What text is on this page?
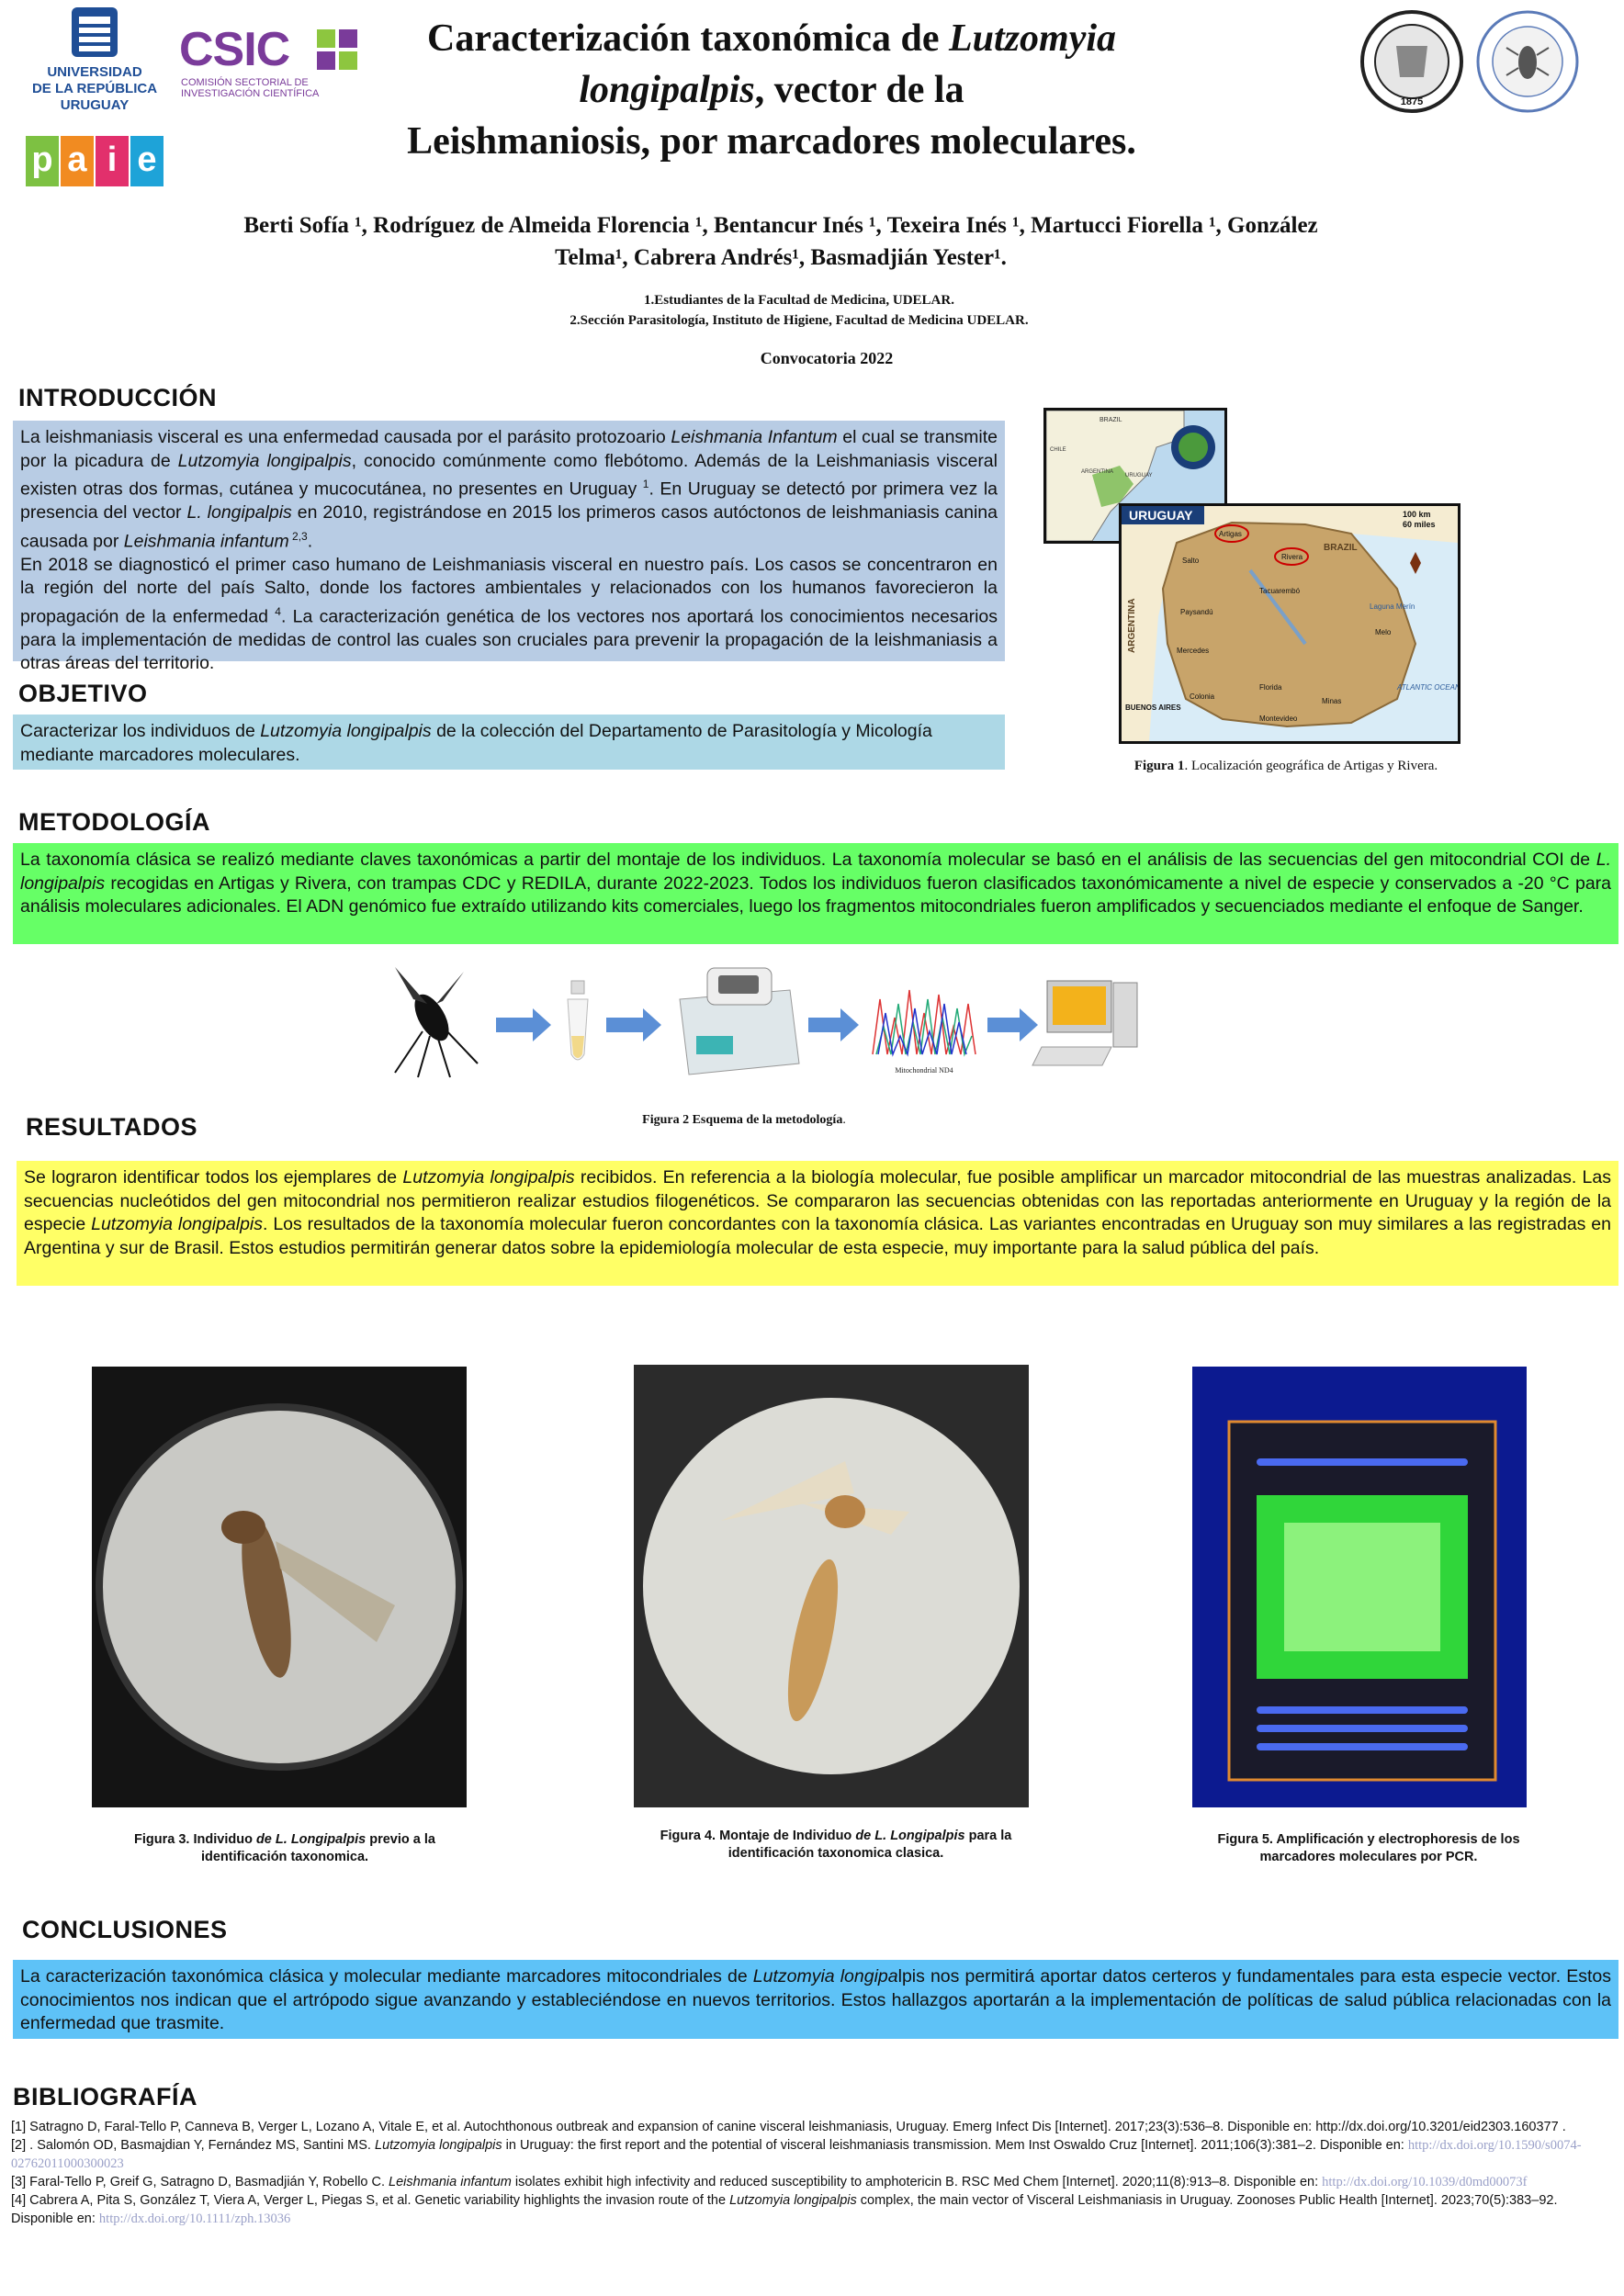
UNIVERSIDAD
DE LA REPÚBLICA
URUGUAY
p a i e
CSIC
COMISIÓN SECTORIAL DE
INVESTIGACIÓN CIENTÍFICA
1875
Caracterización taxonómica de Lutzomyia
longipalpis, vector de la
Leishmaniosis, por marcadores moleculares.
Berti Sofía ¹, Rodríguez de Almeida Florencia ¹, Bentancur Inés ¹, Texeira Inés ¹, Martucci Fiorella ¹, González
Telma¹, Cabrera Andrés¹, Basmadjián Yester¹.
1.Estudiantes de la Facultad de Medicina, UDELAR.
2.Sección Parasitología, Instituto de Higiene, Facultad de Medicina UDELAR.
Convocatoria 2022
INTRODUCCIÓN
La leishmaniasis visceral es una enfermedad causada por el parásito protozoario Leishmania Infantum el cual se transmite por la picadura de Lutzomyia longipalpis, conocido comúnmente como flebótomo. Además de la Leishmaniasis visceral existen otras dos formas, cutánea y mucocutánea, no presentes en Uruguay $^1$. En Uruguay se detectó por primera vez la presencia del vector L. longipalpis en 2010, registrándose en 2015 los primeros casos autóctonos de leishmaniasis canina causada por Leishmania infantum $^{2,3}$.
En 2018 se diagnosticó el primer caso humano de Leishmaniasis visceral en nuestro país. Los casos se concentraron en la región del norte del país Salto, donde los factores ambientales y relacionados con los humanos favorecieron la propagación de la enfermedad $^4$. La caracterización genética de los vectores nos aportará los conocimientos necesarios para la implementación de medidas de control las cuales son cruciales para prevenir la propagación de la leishmaniasis a otras áreas del territorio.
OBJETIVO
Caracterizar los individuos de Lutzomyia longipalpis de la colección del Departamento de Parasitología y Micología mediante marcadores moleculares.
BRAZIL
ARGENTINA
CHILE
URUGUAY
URUGUAY	100 km
60 miles
Artigas
Rivera
BRAZIL
ARGENTINA
Salto
Tacuarembó
Paysandú
Mercedes
Colonia
Montevideo
BUENOS AIRES
Florida
Minas
Melo
ATLANTIC OCEAN
Laguna Merín
Figura 1. Localización geográfica de Artigas y Rivera.
METODOLOGÍA
La taxonomía clásica se realizó mediante claves taxonómicas a partir del montaje de los individuos. La taxonomía molecular se basó en el análisis de las secuencias del gen mitocondrial COI de L. longipalpis recogidas en Artigas y Rivera, con trampas CDC y REDILA, durante 2022-2023. Todos los individuos fueron clasificados taxonómicamente a nivel de especie y conservados a -20 °C para análisis moleculares adicionales. El ADN genómico fue extraído utilizando kits comerciales, luego los fragmentos mitocondriales fueron amplificados y secuenciados mediante el enfoque de Sanger.
Mitochondrial ND4
Figura 2 Esquema de la metodología.
RESULTADOS
Se lograron identificar todos los ejemplares de Lutzomyia longipalpis recibidos. En referencia a la biología molecular, fue posible amplificar un marcador mitocondrial de las muestras analizadas. Las secuencias nucleótidos del gen mitocondrial nos permitieron realizar estudios filogenéticos. Se compararon las secuencias obtenidas con las reportadas anteriormente en Uruguay y la región de la especie Lutzomyia longipalpis. Los resultados de la taxonomía molecular fueron concordantes con la taxonomía clásica. Las variantes encontradas en Uruguay son muy similares a las registradas en Argentina y sur de Brasil. Estos estudios permitirán generar datos sobre la epidemiología molecular de esta especie, muy importante para la salud pública del país.
Figura 3. Individuo de L. Longipalpis previo a la identificación taxonomica.
Figura 4. Montaje de Individuo de L. Longipalpis para la identificación taxonomica clasica.
Figura 5. Amplificación y electrophoresis de los marcadores moleculares por PCR.
CONCLUSIONES
La caracterización taxonómica clásica y molecular mediante marcadores mitocondriales de Lutzomyia longipalpis nos permitirá aportar datos certeros y fundamentales para esta especie vector. Estos conocimientos nos indican que el artrópodo sigue avanzando y estableciéndose en nuevos territorios. Estos hallazgos aportarán a la implementación de políticas de salud pública relacionadas con la enfermedad que trasmite.
BIBLIOGRAFÍA
[1] Satragno D, Faral-Tello P, Canneva B, Verger L, Lozano A, Vitale E, et al. Autochthonous outbreak and expansion of canine visceral leishmaniasis, Uruguay. Emerg Infect Dis [Internet]. 2017;23(3):536–8. Disponible en: http://dx.doi.org/10.3201/eid2303.160377 .
[2] . Salomón OD, Basmajdian Y, Fernández MS, Santini MS. Lutzomyia longipalpis in Uruguay: the first report and the potential of visceral leishmaniasis transmission. Mem Inst Oswaldo Cruz [Internet]. 2011;106(3):381–2. Disponible en: http://dx.doi.org/10.1590/s0074-02762011000300023
[3] Faral-Tello P, Greif G, Satragno D, Basmadjián Y, Robello C. Leishmania infantum isolates exhibit high infectivity and reduced susceptibility to amphotericin B. RSC Med Chem [Internet]. 2020;11(8):913–8. Disponible en: http://dx.doi.org/10.1039/d0md00073f
[4] Cabrera A, Pita S, González T, Viera A, Verger L, Piegas S, et al. Genetic variability highlights the invasion route of the Lutzomyia longipalpis complex, the main vector of Visceral Leishmaniasis in Uruguay. Zoonoses Public Health [Internet]. 2023;70(5):383–92. Disponible en: http://dx.doi.org/10.1111/zph.13036
